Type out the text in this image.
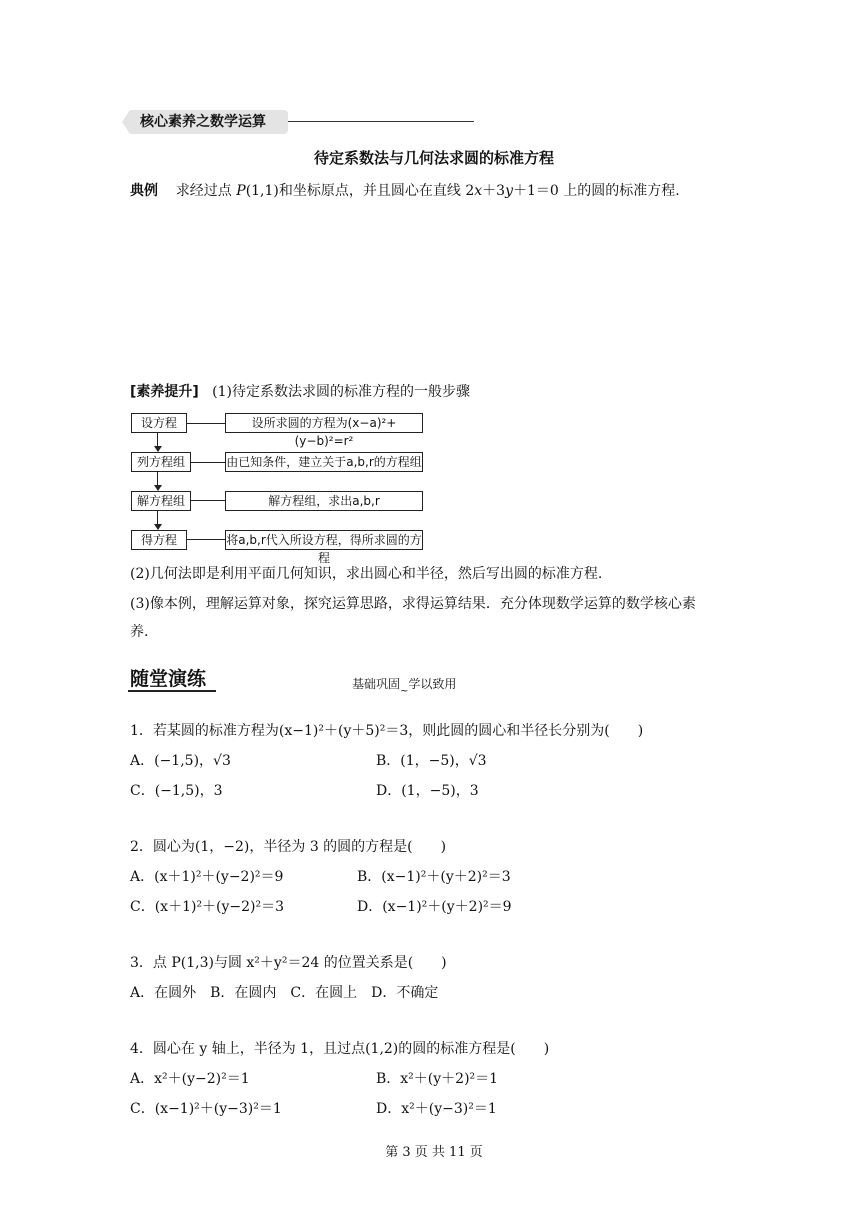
核心素养之数学运算
待定系数法与几何法求圆的标准方程
典例 求经过点 P(1,1)和坐标原点，并且圆心在直线 2x＋3y＋1＝0 上的圆的标准方程.
[素养提升] (1)待定系数法求圆的标准方程的一般步骤
设方程	设所求圆的方程为(x−a)²+(y−b)²=r²
列方程组	由已知条件，建立关于a,b,r的方程组
解方程组	解方程组，求出a,b,r
得方程	将a,b,r代入所设方程，得所求圆的方程
(2)几何法即是利用平面几何知识，求出圆心和半径，然后写出圆的标准方程.
(3)像本例，理解运算对象，探究运算思路，求得运算结果．充分体现数学运算的数学核心素
养.
随堂演练	基础巩固$_\sim$学以致用
1．若某圆的标准方程为(x−1)²＋(y＋5)²＝3，则此圆的圆心和半径长分别为(　　)
A．(−1,5)，√3	B．(1，−5)，√3
C．(−1,5)，3	D．(1，−5)，3
2．圆心为(1，−2)，半径为 3 的圆的方程是(　　)
A．(x＋1)²＋(y−2)²＝9	B．(x−1)²＋(y＋2)²＝3
C．(x＋1)²＋(y−2)²＝3	D．(x−1)²＋(y＋2)²＝9
3．点 P(1,3)与圆 x²＋y²＝24 的位置关系是(　　)
A．在圆外　B．在圆内　C．在圆上　D．不确定
4．圆心在 y 轴上，半径为 1，且过点(1,2)的圆的标准方程是(　　)
A．x²＋(y−2)²＝1	B．x²＋(y＋2)²＝1
C．(x−1)²＋(y−3)²＝1	D．x²＋(y−3)²＝1
第 3 页 共 11 页
